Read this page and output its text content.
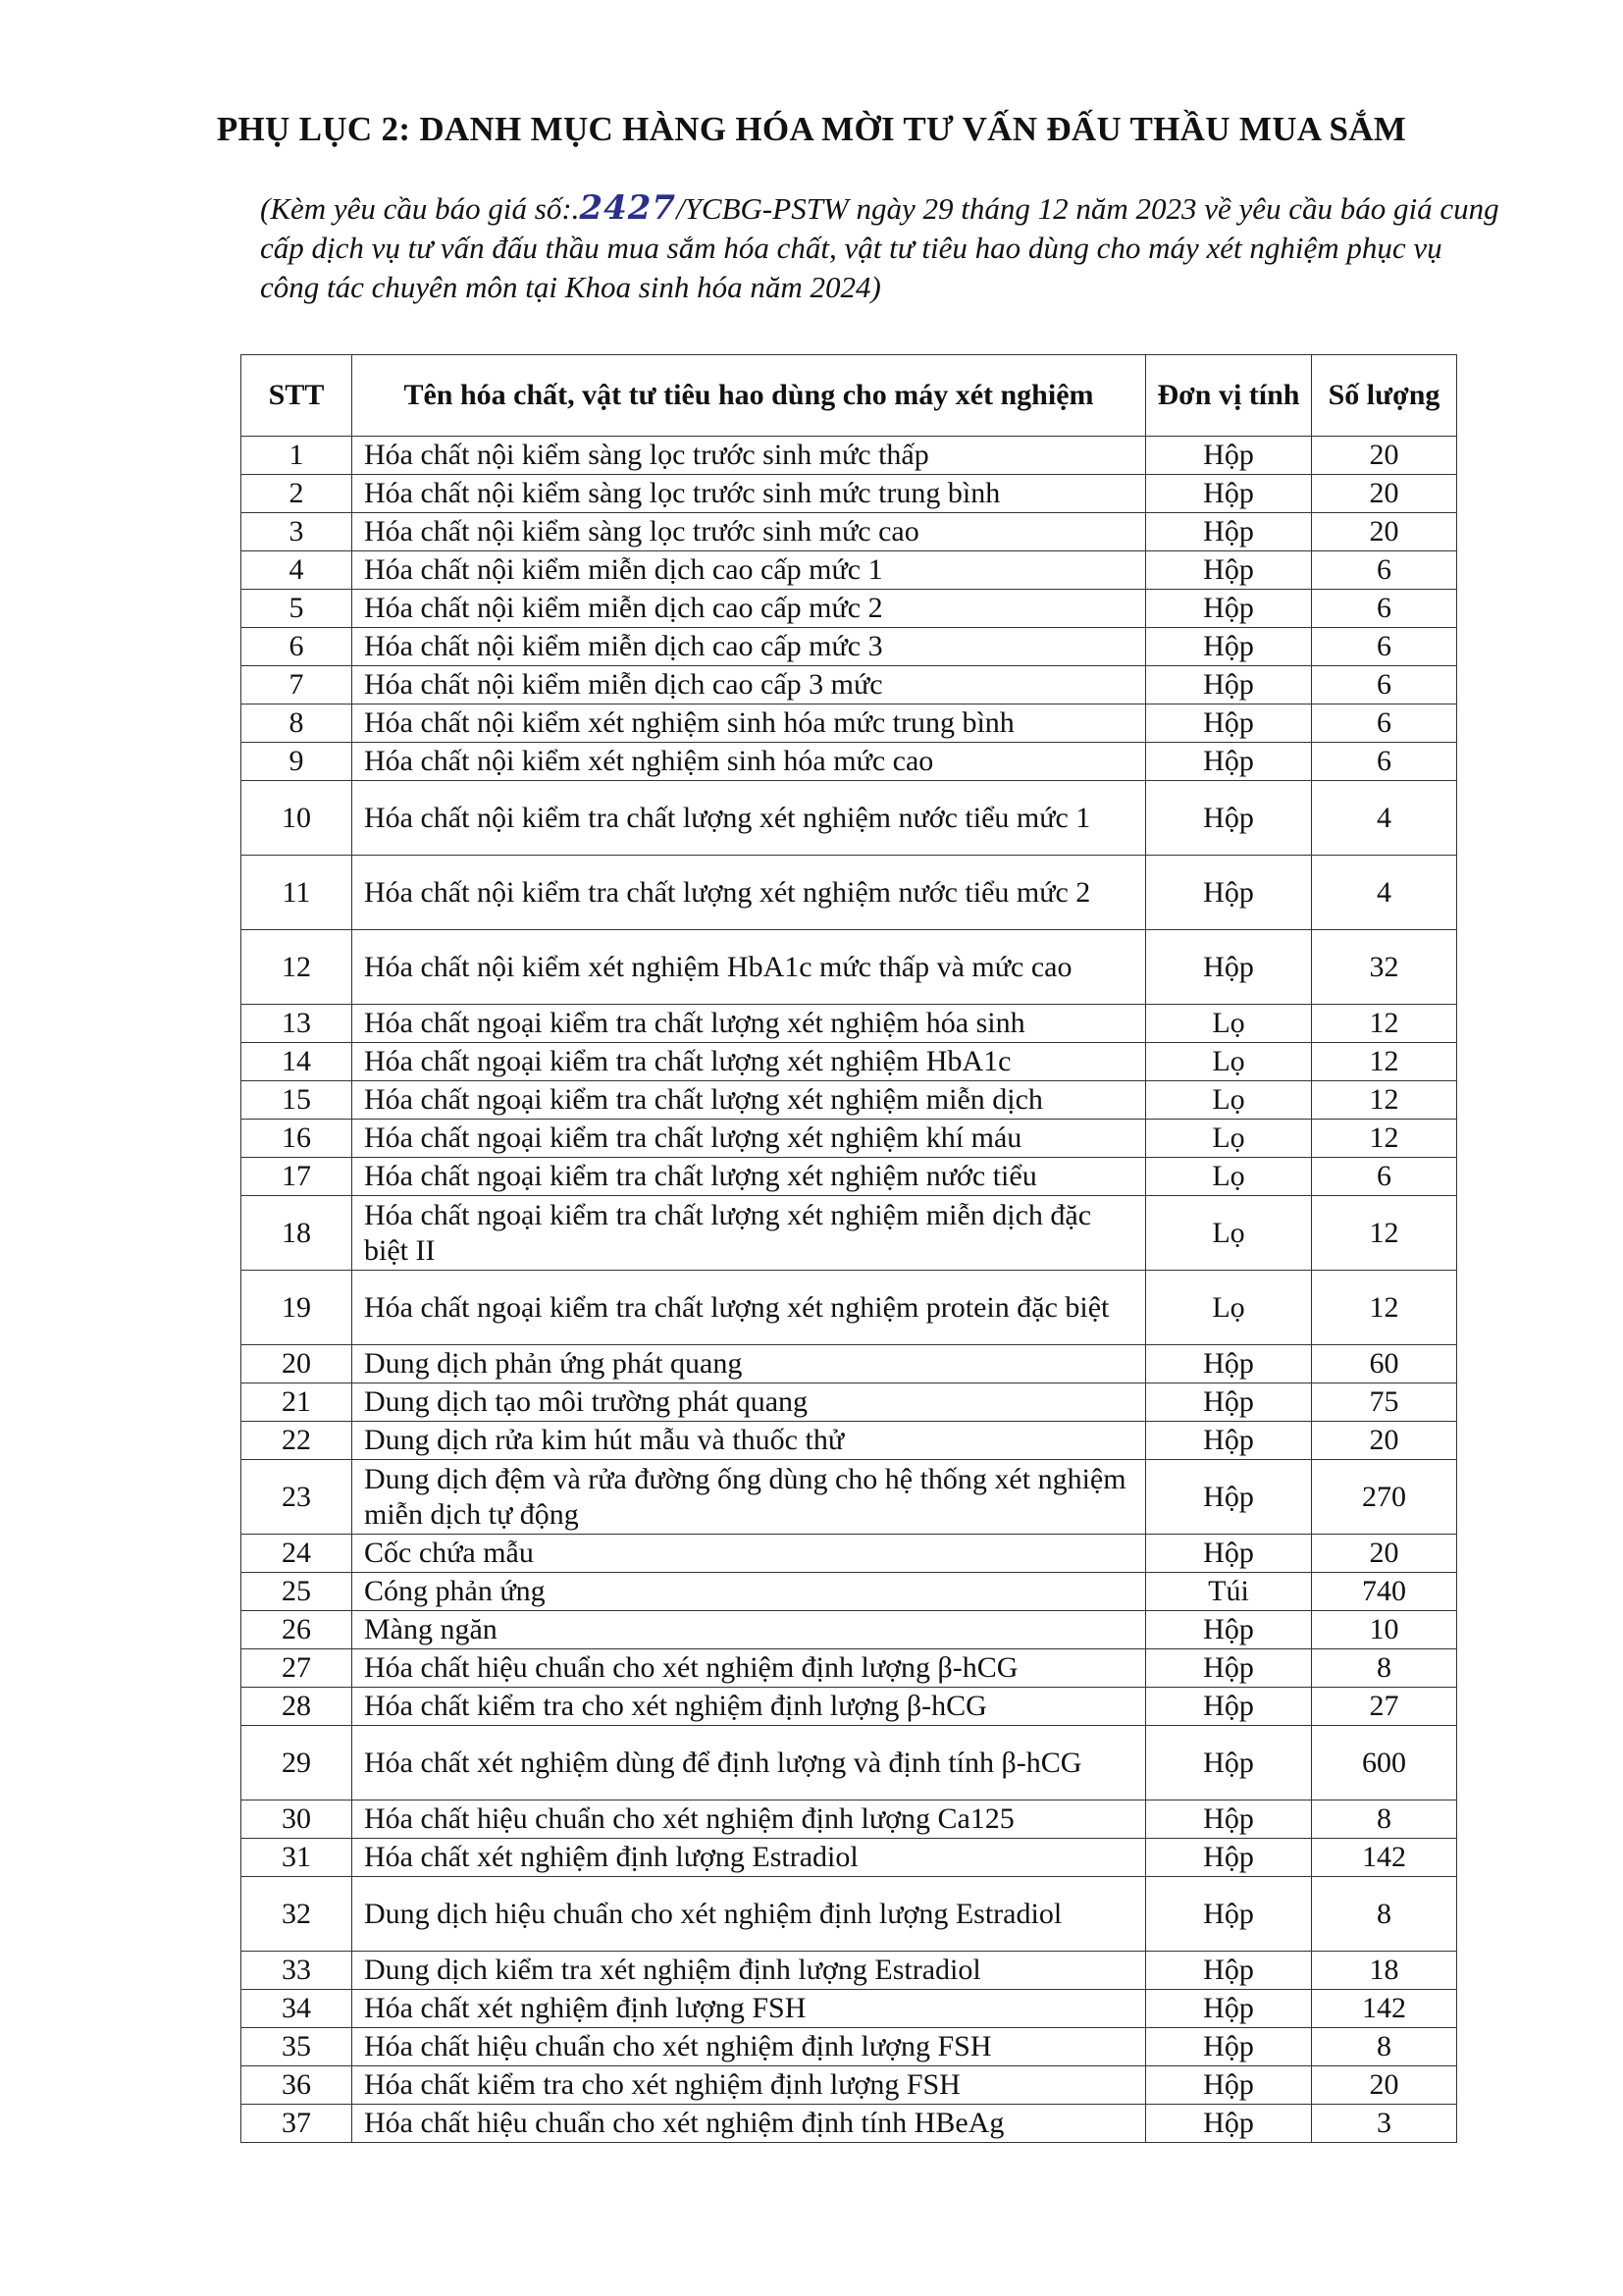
PHỤ LỤC 2: DANH MỤC HÀNG HÓA MỜI TƯ VẤN ĐẤU THẦU MUA SẮM
(Kèm yêu cầu báo giá số:.2427/YCBG-PSTW ngày 29 tháng 12 năm 2023 về yêu cầu báo giá cung cấp dịch vụ tư vấn đấu thầu mua sắm hóa chất, vật tư tiêu hao dùng cho máy xét nghiệm phục vụ công tác chuyên môn tại Khoa sinh hóa năm 2024)
STT	Tên hóa chất, vật tư tiêu hao dùng cho máy xét nghiệm	Đơn vị tính	Số lượng
1	Hóa chất nội kiểm sàng lọc trước sinh mức thấp	Hộp	20
2	Hóa chất nội kiểm sàng lọc trước sinh mức trung bình	Hộp	20
3	Hóa chất nội kiểm sàng lọc trước sinh mức cao	Hộp	20
4	Hóa chất nội kiểm miễn dịch cao cấp mức 1	Hộp	6
5	Hóa chất nội kiểm miễn dịch cao cấp mức 2	Hộp	6
6	Hóa chất nội kiểm miễn dịch cao cấp mức 3	Hộp	6
7	Hóa chất nội kiểm miễn dịch cao cấp 3 mức	Hộp	6
8	Hóa chất nội kiểm xét nghiệm sinh hóa mức trung bình	Hộp	6
9	Hóa chất nội kiểm xét nghiệm sinh hóa mức cao	Hộp	6
10	Hóa chất nội kiểm tra chất lượng xét nghiệm nước tiểu mức 1	Hộp	4
11	Hóa chất nội kiểm tra chất lượng xét nghiệm nước tiểu mức 2	Hộp	4
12	Hóa chất nội kiểm xét nghiệm HbA1c mức thấp và mức cao	Hộp	32
13	Hóa chất ngoại kiểm tra chất lượng xét nghiệm hóa sinh	Lọ	12
14	Hóa chất ngoại kiểm tra chất lượng xét nghiệm HbA1c	Lọ	12
15	Hóa chất ngoại kiểm tra chất lượng xét nghiệm miễn dịch	Lọ	12
16	Hóa chất ngoại kiểm tra chất lượng xét nghiệm khí máu	Lọ	12
17	Hóa chất ngoại kiểm tra chất lượng xét nghiệm nước tiểu	Lọ	6
18	Hóa chất ngoại kiểm tra chất lượng xét nghiệm miễn dịch đặc biệt II	Lọ	12
19	Hóa chất ngoại kiểm tra chất lượng xét nghiệm protein đặc biệt	Lọ	12
20	Dung dịch phản ứng phát quang	Hộp	60
21	Dung dịch tạo môi trường phát quang	Hộp	75
22	Dung dịch rửa kim hút mẫu và thuốc thử	Hộp	20
23	Dung dịch đệm và rửa đường ống dùng cho hệ thống xét nghiệm miễn dịch tự động	Hộp	270
24	Cốc chứa mẫu	Hộp	20
25	Cóng phản ứng	Túi	740
26	Màng ngăn	Hộp	10
27	Hóa chất hiệu chuẩn cho xét nghiệm định lượng β-hCG	Hộp	8
28	Hóa chất kiểm tra cho xét nghiệm định lượng β-hCG	Hộp	27
29	Hóa chất xét nghiệm dùng để định lượng và định tính β-hCG	Hộp	600
30	Hóa chất hiệu chuẩn cho xét nghiệm định lượng Ca125	Hộp	8
31	Hóa chất xét nghiệm định lượng Estradiol	Hộp	142
32	Dung dịch hiệu chuẩn cho xét nghiệm định lượng Estradiol	Hộp	8
33	Dung dịch kiểm tra xét nghiệm định lượng Estradiol	Hộp	18
34	Hóa chất xét nghiệm định lượng FSH	Hộp	142
35	Hóa chất hiệu chuẩn cho xét nghiệm định lượng FSH	Hộp	8
36	Hóa chất kiểm tra cho xét nghiệm định lượng FSH	Hộp	20
37	Hóa chất hiệu chuẩn cho xét nghiệm định tính HBeAg	Hộp	3
